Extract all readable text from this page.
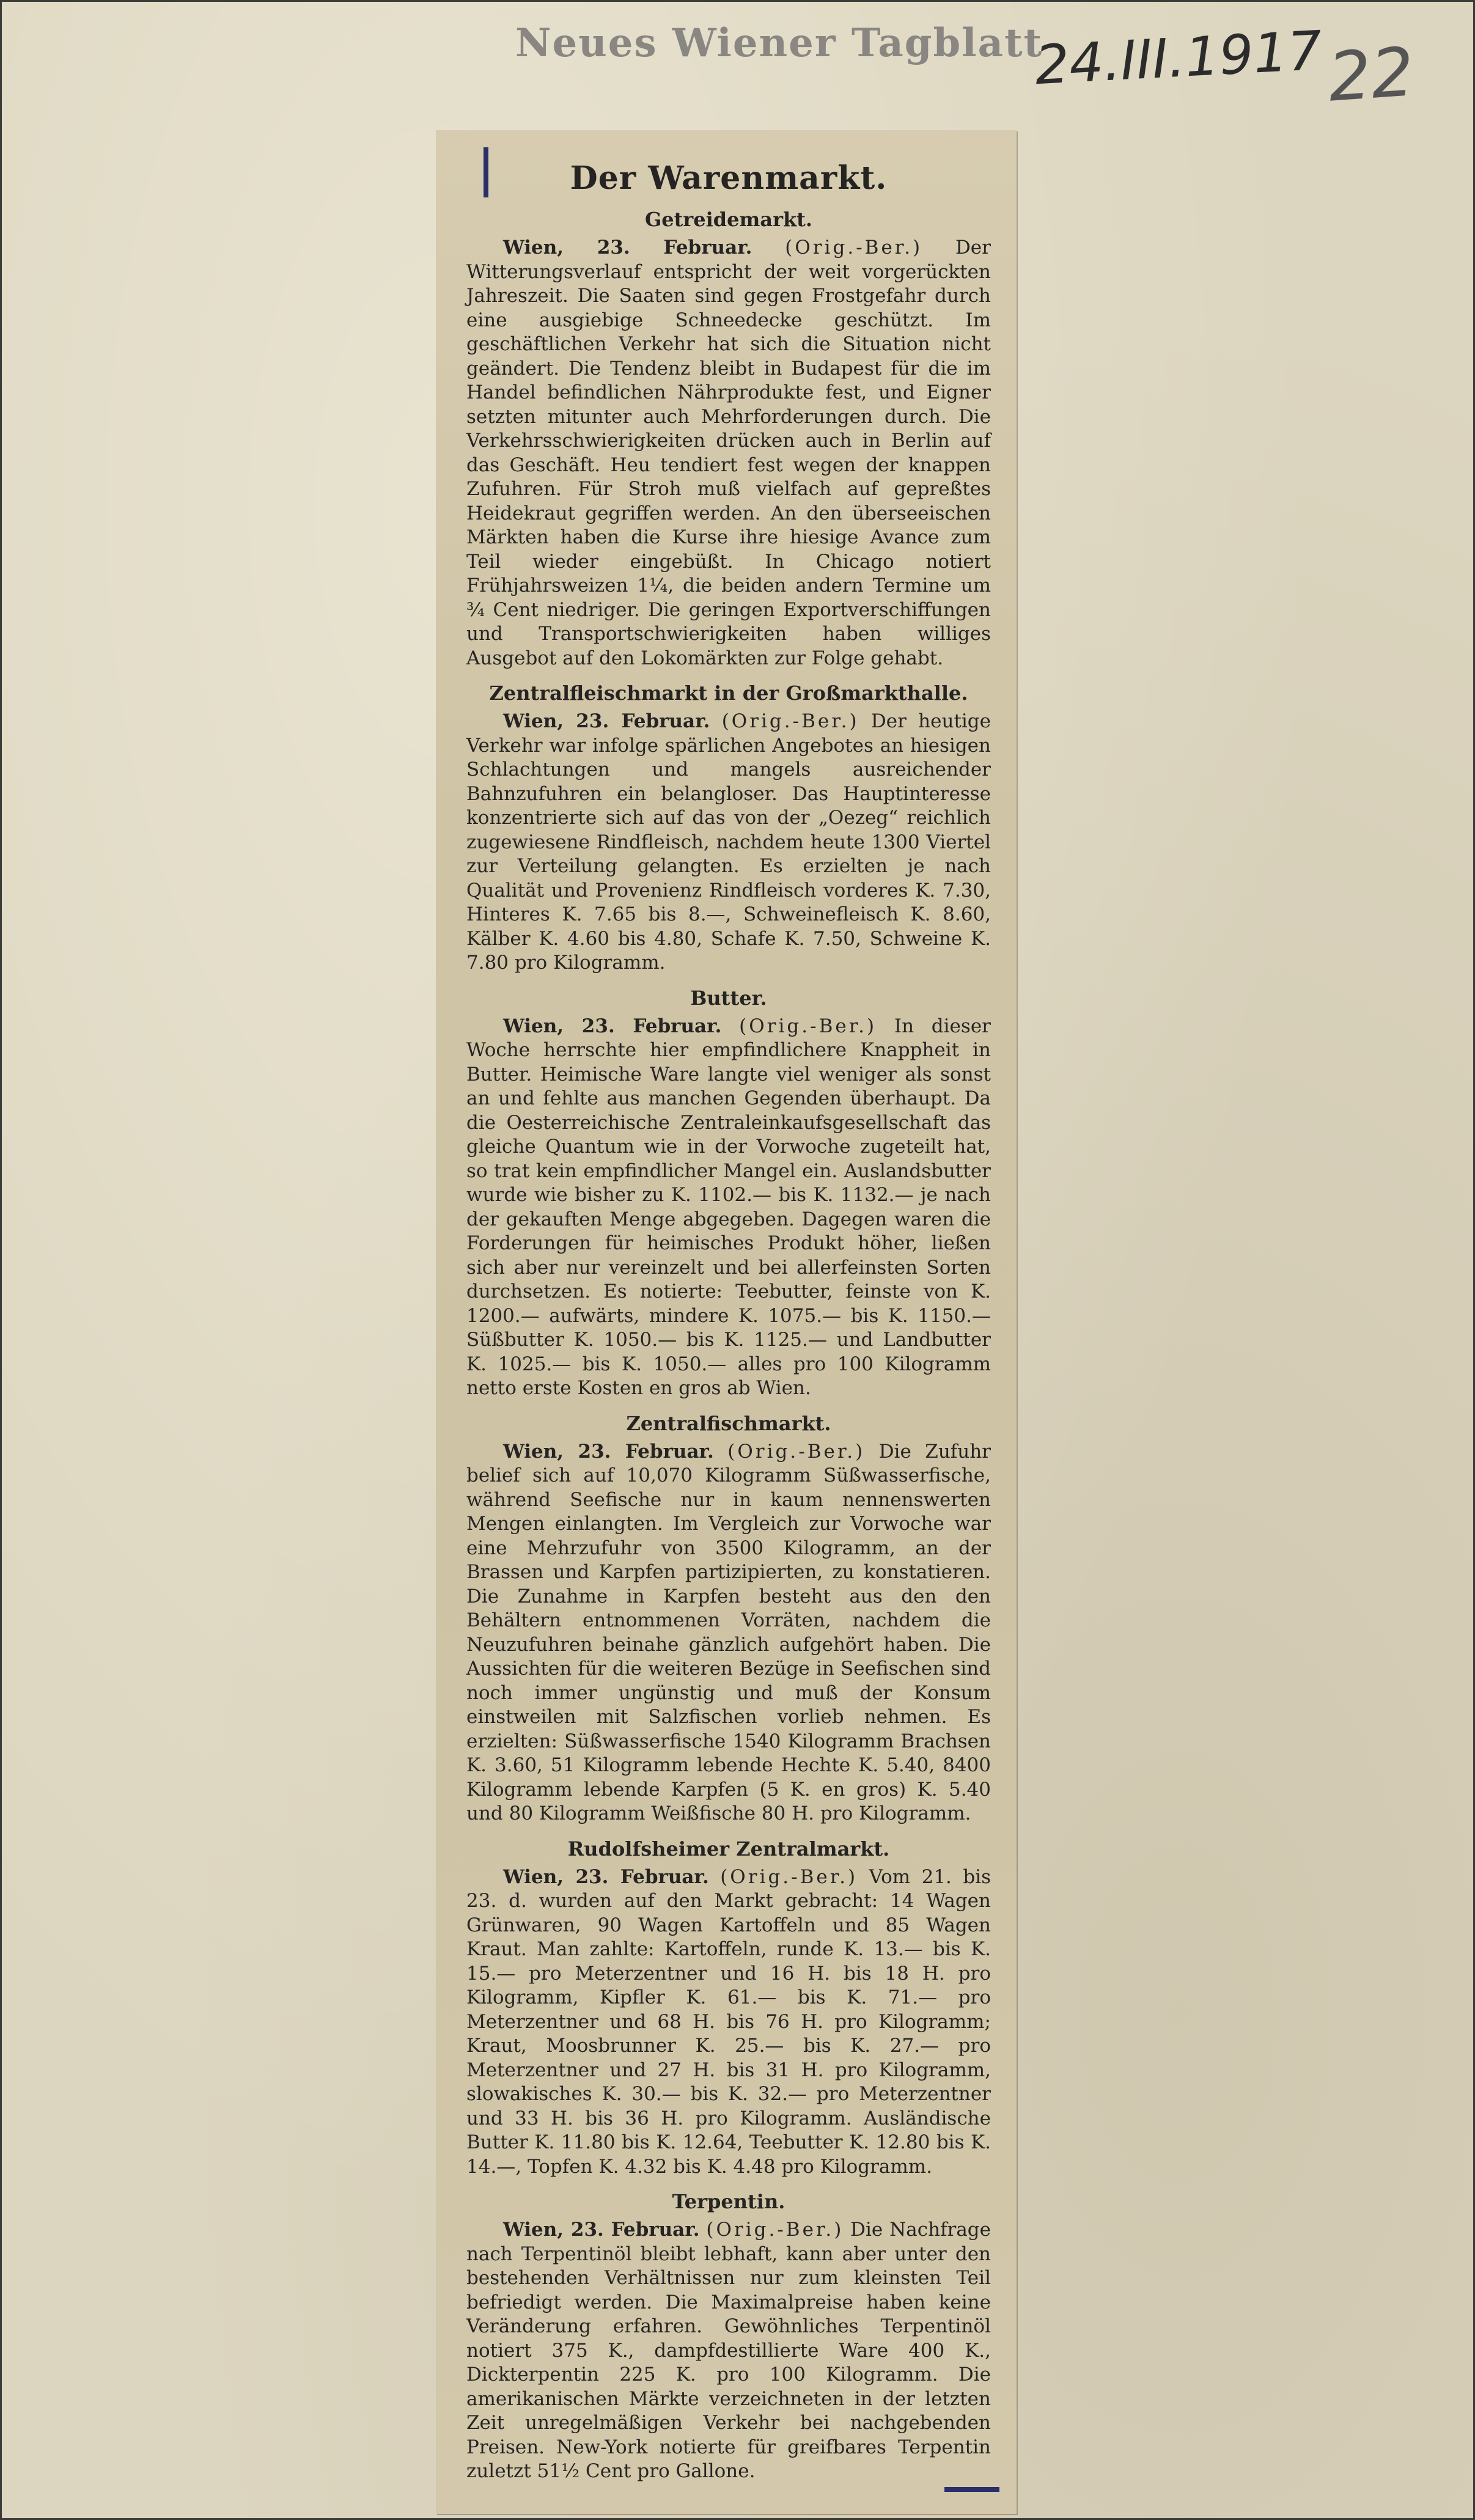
Neues Wiener Tagblatt
24.III.1917 22
Der Warenmarkt.
Getreidemarkt.

Wien, 23. Februar. (Orig.-Ber.) Der Witterungsverlauf entspricht der weit vorgerückten Jahreszeit. Die Saaten sind gegen Frostgefahr durch eine ausgiebige Schneedecke geschützt. Im geschäftlichen Verkehr hat sich die Situation nicht geändert. Die Tendenz bleibt in Budapest für die im Handel befindlichen Nährprodukte fest, und Eigner setzten mitunter auch Mehrforderungen durch. Die Verkehrsschwierigkeiten drücken auch in Berlin auf das Geschäft. Heu tendiert fest wegen der knappen Zufuhren. Für Stroh muß vielfach auf gepreßtes Heidekraut gegriffen werden. An den überseeischen Märkten haben die Kurse ihre hiesige Avance zum Teil wieder eingebüßt. In Chicago notiert Frühjahrsweizen 1¼, die beiden andern Termine um ¾ Cent niedriger. Die geringen Exportverschiffungen und Transportschwierigkeiten haben williges Ausgebot auf den Lokomärkten zur Folge gehabt.

Zentralfleischmarkt in der Großmarkthalle.

Wien, 23. Februar. (Orig.-Ber.) Der heutige Verkehr war infolge spärlichen Angebotes an hiesigen Schlachtungen und mangels ausreichender Bahnzufuhren ein belangloser. Das Hauptinteresse konzentrierte sich auf das von der „Oezeg“ reichlich zugewiesene Rindfleisch, nachdem heute 1300 Viertel zur Verteilung gelangten. Es erzielten je nach Qualität und Provenienz Rindfleisch vorderes K. 7.30, Hinteres K. 7.65 bis 8.—, Schweinefleisch K. 8.60, Kälber K. 4.60 bis 4.80, Schafe K. 7.50, Schweine K. 7.80 pro Kilogramm.

Butter.

Wien, 23. Februar. (Orig.-Ber.) In dieser Woche herrschte hier empfindlichere Knappheit in Butter. Heimische Ware langte viel weniger als sonst an und fehlte aus manchen Gegenden überhaupt. Da die Oesterreichische Zentraleinkaufsgesellschaft das gleiche Quantum wie in der Vorwoche zugeteilt hat, so trat kein empfindlicher Mangel ein. Auslandsbutter wurde wie bisher zu K. 1102.— bis K. 1132.— je nach der gekauften Menge abgegeben. Dagegen waren die Forderungen für heimisches Produkt höher, ließen sich aber nur vereinzelt und bei allerfeinsten Sorten durchsetzen. Es notierte: Teebutter, feinste von K. 1200.— aufwärts, mindere K. 1075.— bis K. 1150.— Süßbutter K. 1050.— bis K. 1125.— und Landbutter K. 1025.— bis K. 1050.— alles pro 100 Kilogramm netto erste Kosten en gros ab Wien.

Zentralfischmarkt.

Wien, 23. Februar. (Orig.-Ber.) Die Zufuhr belief sich auf 10,070 Kilogramm Süßwasserfische, während Seefische nur in kaum nennenswerten Mengen einlangten. Im Vergleich zur Vorwoche war eine Mehrzufuhr von 3500 Kilogramm, an der Brassen und Karpfen partizipierten, zu konstatieren. Die Zunahme in Karpfen besteht aus den den Behältern entnommenen Vorräten, nachdem die Neuzufuhren beinahe gänzlich aufgehört haben. Die Aussichten für die weiteren Bezüge in Seefischen sind noch immer ungünstig und muß der Konsum einstweilen mit Salzfischen vorlieb nehmen. Es erzielten: Süßwasserfische 1540 Kilogramm Brachsen K. 3.60, 51 Kilogramm lebende Hechte K. 5.40, 8400 Kilogramm lebende Karpfen (5 K. en gros) K. 5.40 und 80 Kilogramm Weißfische 80 H. pro Kilogramm.

Rudolfsheimer Zentralmarkt.

Wien, 23. Februar. (Orig.-Ber.) Vom 21. bis 23. d. wurden auf den Markt gebracht: 14 Wagen Grünwaren, 90 Wagen Kartoffeln und 85 Wagen Kraut. Man zahlte: Kartoffeln, runde K. 13.— bis K. 15.— pro Meterzentner und 16 H. bis 18 H. pro Kilogramm, Kipfler K. 61.— bis K. 71.— pro Meterzentner und 68 H. bis 76 H. pro Kilogramm; Kraut, Moosbrunner K. 25.— bis K. 27.— pro Meterzentner und 27 H. bis 31 H. pro Kilogramm, slowakisches K. 30.— bis K. 32.— pro Meterzentner und 33 H. bis 36 H. pro Kilogramm. Ausländische Butter K. 11.80 bis K. 12.64, Teebutter K. 12.80 bis K. 14.—, Topfen K. 4.32 bis K. 4.48 pro Kilogramm.

Terpentin.

Wien, 23. Februar. (Orig.-Ber.) Die Nachfrage nach Terpentinöl bleibt lebhaft, kann aber unter den bestehenden Verhältnissen nur zum kleinsten Teil befriedigt werden. Die Maximalpreise haben keine Veränderung erfahren. Gewöhnliches Terpentinöl notiert 375 K., dampfdestillierte Ware 400 K., Dickterpentin 225 K. pro 100 Kilogramm. Die amerikanischen Märkte verzeichneten in der letzten Zeit unregelmäßigen Verkehr bei nachgebenden Preisen. New-York notierte für greifbares Terpentin zuletzt 51½ Cent pro Gallone.
